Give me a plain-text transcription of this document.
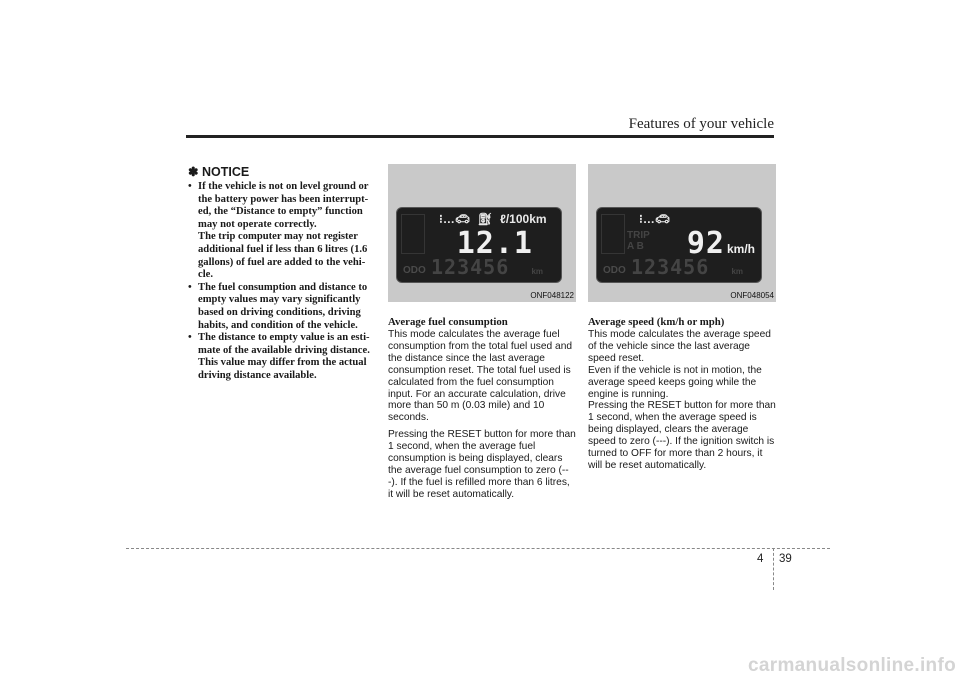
Features of your vehicle
✽ NOTICE
• If the vehicle is not on level ground or
the battery power has been interrupt-
ed, the “Distance to empty” function
may not operate correctly.
The trip computer may not register
additional fuel if less than 6 litres (1.6
gallons) of fuel are added to the vehi-
cle.
• The fuel consumption and distance to
empty values may vary significantly
based on driving conditions, driving
habits, and condition of the vehicle.
• The distance to empty value is an esti-
mate of the available driving distance.
This value may differ from the actual
driving distance available.
⁝…🚗︎ ⛽︎ ℓ/100km
12.1
ODO 123456	km
ONF048122
Average fuel consumption

This mode calculates the average fuel consumption from the total fuel used and the distance since the last average consumption reset. The total fuel used is calculated from the fuel consumption input. For an accurate calculation, drive more than 50 m (0.03 mile) and 10 seconds.

Pressing the RESET button for more than 1 second, when the average fuel consumption is being displayed, clears the average fuel consumption to zero (---). If the fuel is refilled more than 6 litres, it will be reset automatically.

⁝…🚗︎
TRIP
A B 92 km/h
ODO 123456	km
ONF048054
Average speed (km/h or mph)

This mode calculates the average speed of the vehicle since the last average speed reset.

Even if the vehicle is not in motion, the average speed keeps going while the engine is running.

Pressing the RESET button for more than 1 second, when the average speed is being displayed, clears the average speed to zero (---). If the ignition switch is turned to OFF for more than 2 hours, it will be reset automatically.

4 39
carmanualsonline.info
